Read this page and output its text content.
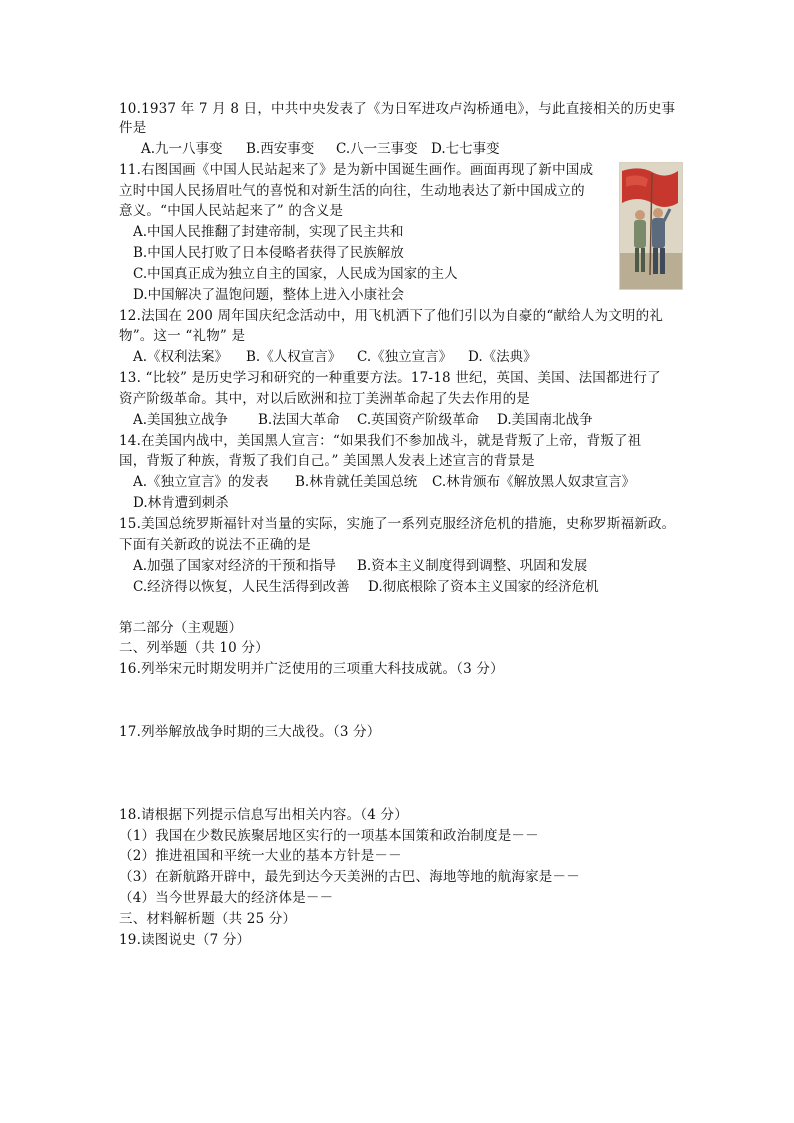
10.1937 年 7 月 8 日，中共中央发表了《为日军进攻卢沟桥通电》，与此直接相关的历史事
件是
A.九一八事变 B.西安事变 C.八一三事变 D.七七事变
11.右图国画《中国人民站起来了》是为新中国诞生画作。画面再现了新中国成
立时中国人民扬眉吐气的喜悦和对新生活的向往，生动地表达了新中国成立的
意义。“中国人民站起来了” 的含义是
A.中国人民推翻了封建帝制，实现了民主共和
B.中国人民打败了日本侵略者获得了民族解放
C.中国真正成为独立自主的国家，人民成为国家的主人
D.中国解决了温饱问题，整体上进入小康社会
12.法国在 200 周年国庆纪念活动中，用飞机洒下了他们引以为自豪的“献给人为文明的礼
物”。这一 “礼物” 是
A.《权利法案》 B.《人权宣言》 C.《独立宣言》 D.《法典》
13. “比较” 是历史学习和研究的一种重要方法。17-18 世纪，英国、美国、法国都进行了
资产阶级革命。其中，对以后欧洲和拉丁美洲革命起了失去作用的是
A.美国独立战争 B.法国大革命 C.英国资产阶级革命 D.美国南北战争
14.在美国内战中，美国黑人宣言：“如果我们不参加战斗，就是背叛了上帝，背叛了祖
国，背叛了种族，背叛了我们自己。” 美国黑人发表上述宣言的背景是
A.《独立宣言》的发表 B.林肯就任美国总统 C.林肯颁布《解放黑人奴隶宣言》
D.林肯遭到刺杀
15.美国总统罗斯福针对当量的实际，实施了一系列克服经济危机的措施，史称罗斯福新政。
下面有关新政的说法不正确的是
A.加强了国家对经济的干预和指导 B.资本主义制度得到调整、巩固和发展
C.经济得以恢复，人民生活得到改善 D.彻底根除了资本主义国家的经济危机
第二部分（主观题）
二、列举题（共 10 分）
16.列举宋元时期发明并广泛使用的三项重大科技成就。（3 分）
17.列举解放战争时期的三大战役。（3 分）
18.请根据下列提示信息写出相关内容。（4 分）
（1）我国在少数民族聚居地区实行的一项基本国策和政治制度是－－
（2）推进祖国和平统一大业的基本方针是－－
（3）在新航路开辟中，最先到达今天美洲的古巴、海地等地的航海家是－－
（4）当今世界最大的经济体是－－
三、材料解析题（共 25 分）
19.读图说史（7 分）
